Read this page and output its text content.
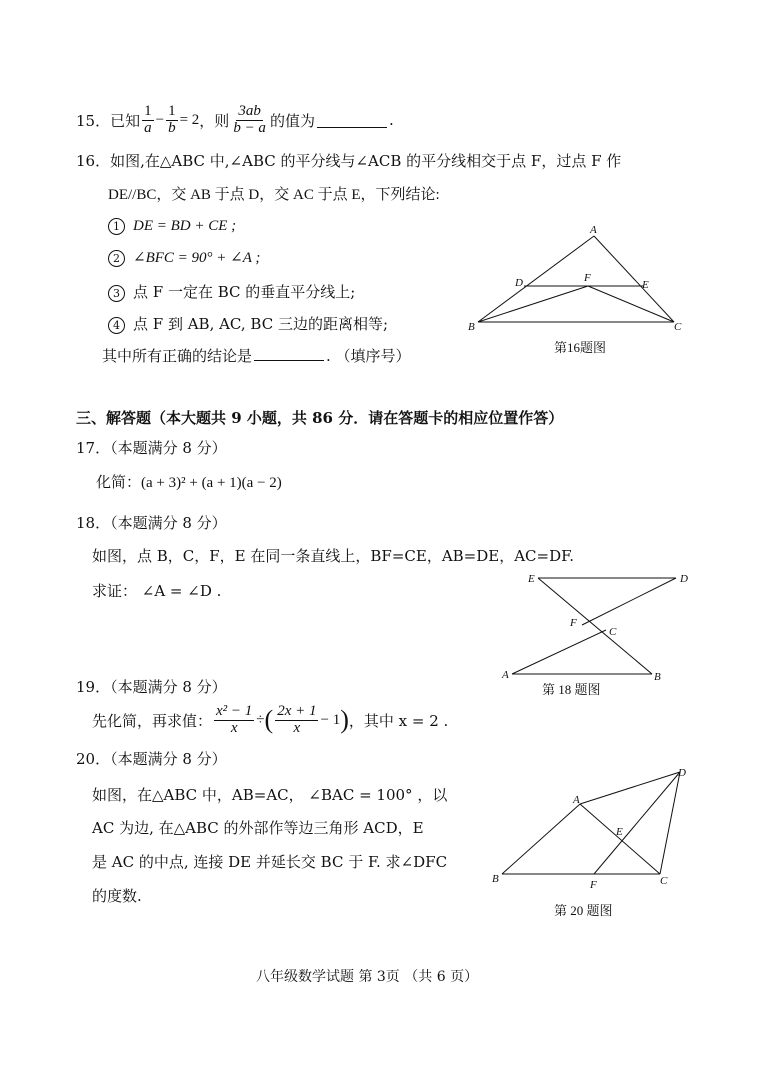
15． 已知 $\frac{1}{a} - \frac{1}{b} = 2$ ，则 $\frac{3ab}{b - a}$ 的值为	.
16．如图,在△ABC 中,∠ABC 的平分线与∠ACB 的平分线相交于点 F，过点 F 作
DE//BC，交 AB 于点 D，交 AC 于点 E，下列结论:
1 DE = BD + CE ;
2 ∠BFC = 90° + ∠A ;
3 点 F 一定在 BC 的垂直平分线上;
4 点 F 到 AB, AC, BC 三边的距离相等;
其中所有正确的结论是	. （填序号）
A
B	C
D	E
F
第16题图
三、解答题（本大题共 9 小题，共 86 分．请在答题卡的相应位置作答）
17．（本题满分 8 分）
化简：(a + 3)² + (a + 1)(a − 2)
18．（本题满分 8 分）
如图，点 B，C，F，E 在同一条直线上，BF=CE，AB=DE，AC=DF.
求证： ∠A = ∠D .
E	D
F
C
A	B
第 18 题图
19．（本题满分 8 分）
先化简，再求值： $\frac{\text{x² − 1}}{x}$ ÷ ( $\frac{2x + 1}{x} - 1$ ) ，其中 x = 2 .
20．（本题满分 8 分）
如图，在△ABC 中，AB=AC， ∠BAC = 100° ，以
AC 为边, 在△ABC 的外部作等边三角形 ACD，E
是 AC 的中点, 连接 DE 并延长交 BC 于 F. 求∠DFC
的度数.
D
A
E
B	F	C
第 20 题图
八年级数学试题 第 3页 （共 6 页）
